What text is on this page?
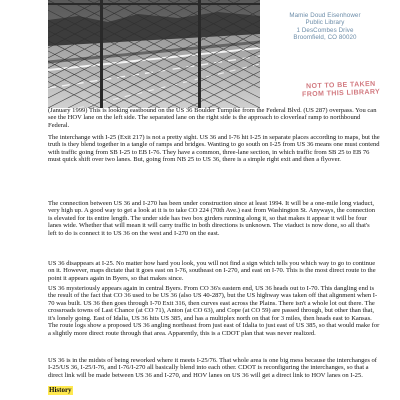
Mamie Doud Eisenhower
Public Library
1 DesCombes Drive
Broomfield, CO 80020
NOT TO BE TAKEN
FROM THIS LIBRARY

(January 1999) This is looking eastbound on the US 36 Boulder Turnpike from the Federal Blvd. (US 287) overpass. You can see the HOV lane on the left side. The separated lane on the right side is the approach to cloverleaf ramp to northbound Federal.

The interchange with I-25 (Exit 217) is not a pretty sight. US 36 and I-76 hit I-25 in separate places according to maps, but the truth is they blend together in a tangle of ramps and bridges. Wanting to go south on I-25 from US 36 means one must contend with traffic going from SB I-25 to EB I-76. They have a common, three-lane section, in which traffic from SB 25 to EB 76 must quick shift over two lanes. But, going from NB 25 to US 36, there is a simple right exit and then a flyover.

The connection between US 36 and I-270 has been under construction since at least 1994. It will be a one-mile long viaduct, very high up. A good way to get a look at it is to take CO 224 (70th Ave.) east from Washington St. Anyways, the connection is elevated for its entire length. The under side has two box girders running along it, so that makes it appear it will be four lanes wide. Whether that will mean it will carry traffic in both directions is unknown. The viaduct is now done, so all that's left to do is connect it to US 36 on the west and I-270 on the east.

US 36 disappears at I-25. No matter how hard you look, you will not find a sign which tells you which way to go to continue on it. However, maps dictate that it goes east on I-76, southeast on I-270, and east on I-70. This is the most direct route to the point it appears again in Byers, so that makes since.

US 36 mysteriously appears again in central Byers. From CO 36's eastern end, US 36 heads out to I-70. This dangling end is the result of the fact that CO 36 used to be US 36 (also US 40-287), but the US highway was taken off that alignment when I-70 was built. US 36 then goes through I-70 Exit 316, then curves east across the Plains. There isn't a whole lot out there. The crossroads towns of Last Chance (at CO 71), Anton (at CO 63), and Cope (at CO 59) are passed through, but other than that, it's lonely going. East of Idalia, US 36 hits US 385, and has a multiplex north on that for 3 miles, then heads east to Kansas. The route logs show a proposed US 36 angling northeast from just east of Idalia to just east of US 385, so that would make for a slightly more direct route through that area. Apparently, this is a CDOT plan that was never realized.

US 36 is in the midsts of being reworked where it meets I-25/76. That whole area is one big mess because the interchanges of I-25/US 36, I-25/I-76, and I-76/I-270 all basically blend into each other. CDOT is reconfiguring the interchanges, so that a direct link will be made between US 36 and I-270, and HOV lanes on US 36 will get a direct link to HOV lanes on I-25.

History
